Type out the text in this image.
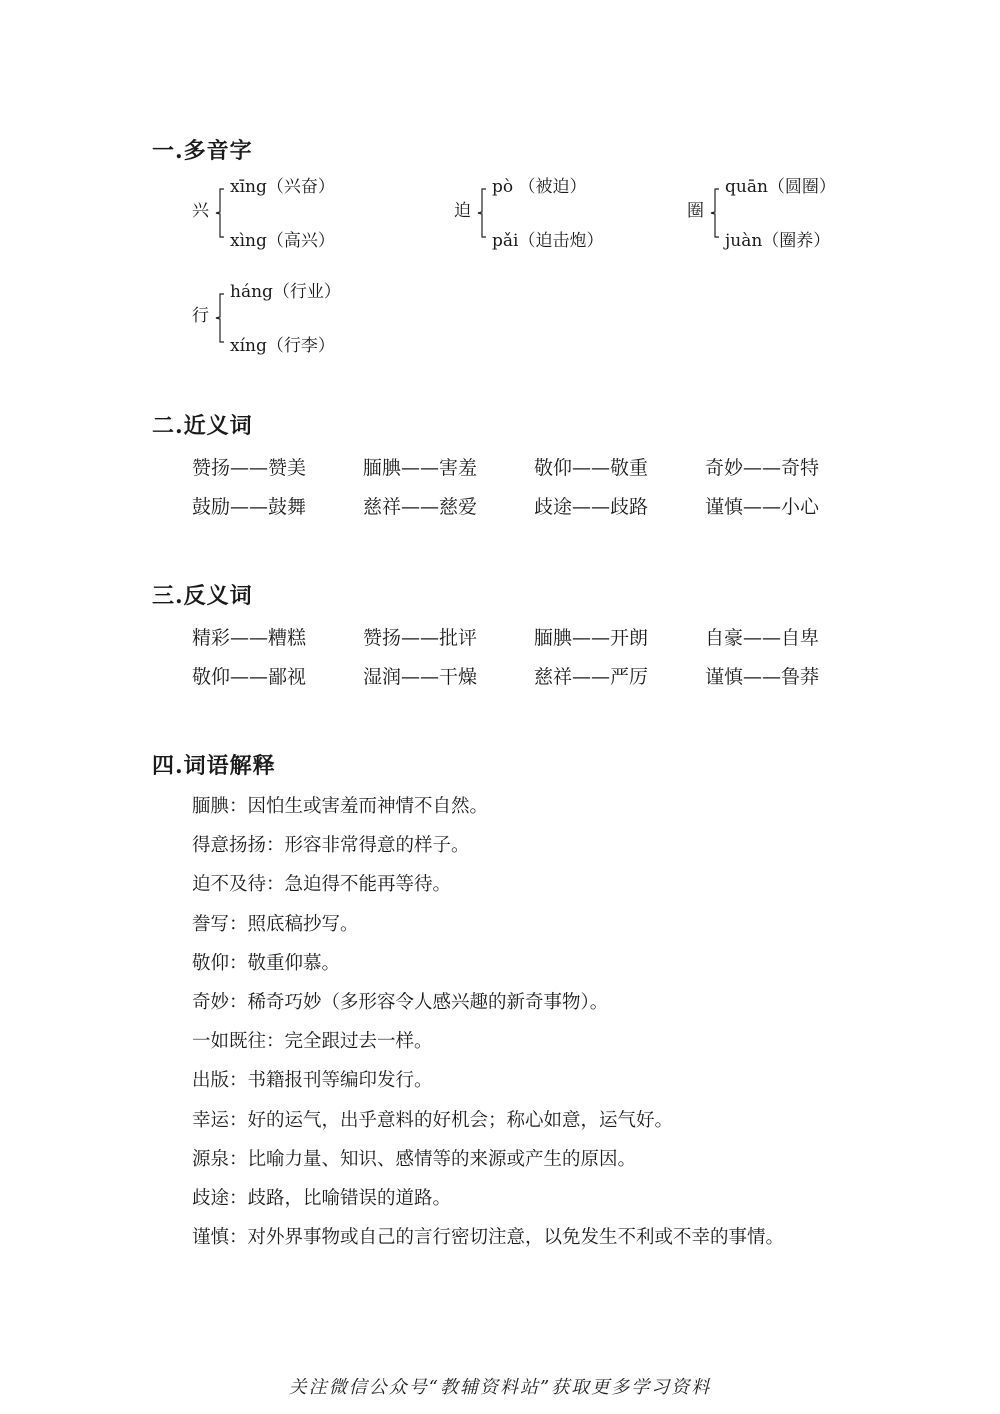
一.多音字
兴
xīng（兴奋）
xìng（高兴）
迫
pò （被迫）
pǎi（迫击炮）
圈
quān（圆圈）
juàn（圈养）
行
háng（行业）
xíng（行李）
二.近义词
赞扬——赞美	腼腆——害羞	敬仰——敬重	奇妙——奇特
鼓励——鼓舞	慈祥——慈爱	歧途——歧路	谨慎——小心
三.反义词
精彩——糟糕	赞扬——批评	腼腆——开朗	自豪——自卑
敬仰——鄙视	湿润——干燥	慈祥——严厉	谨慎——鲁莽
四.词语解释
腼腆：因怕生或害羞而神情不自然。
得意扬扬：形容非常得意的样子。
迫不及待：急迫得不能再等待。
誊写：照底稿抄写。
敬仰：敬重仰慕。
奇妙：稀奇巧妙（多形容令人感兴趣的新奇事物）。
一如既往：完全跟过去一样。
出版：书籍报刊等编印发行。
幸运：好的运气，出乎意料的好机会；称心如意，运气好。
源泉：比喻力量、知识、感情等的来源或产生的原因。
歧途：歧路，比喻错误的道路。
谨慎：对外界事物或自己的言行密切注意，以免发生不利或不幸的事情。
关注微信公众号“教辅资料站”获取更多学习资料
